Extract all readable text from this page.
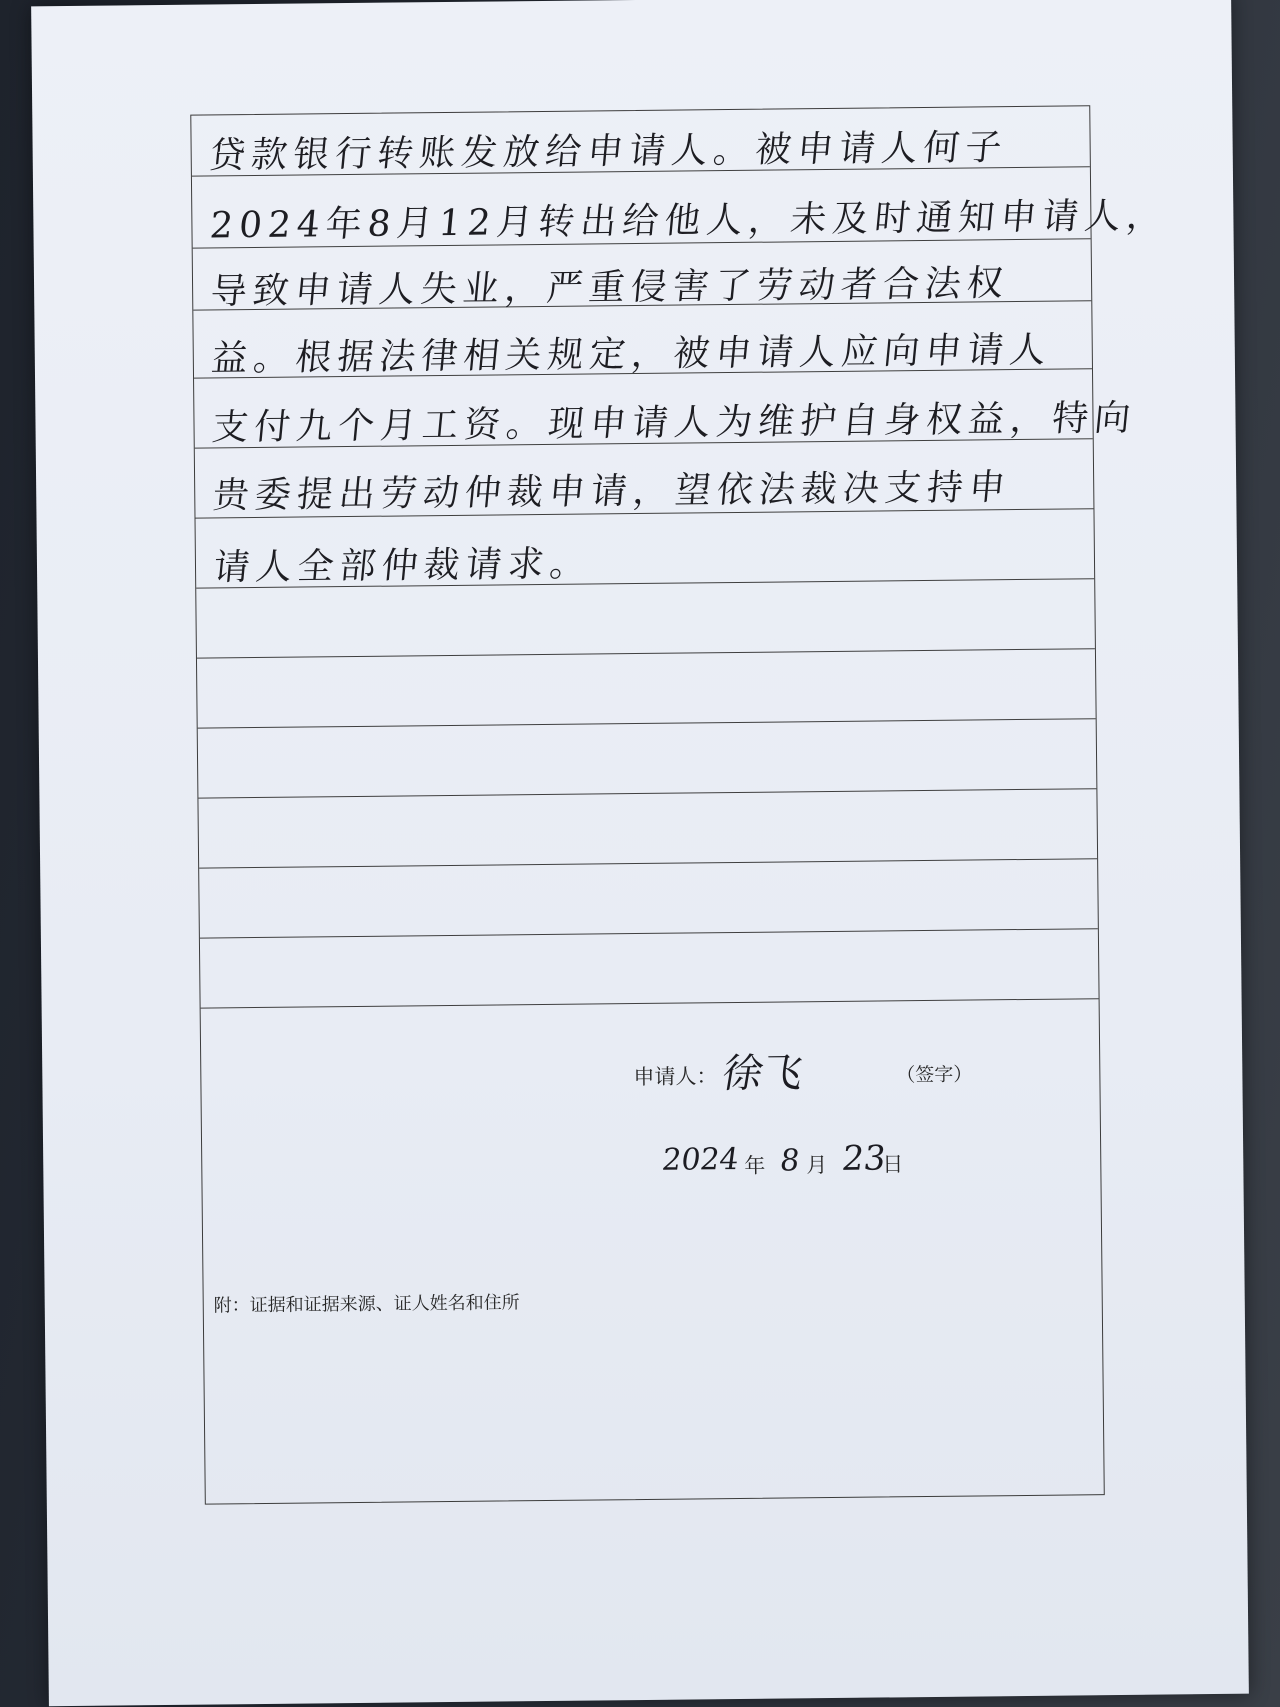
贷款银行转账发放给申请人。被申请人何子
2024年8月12月转出给他人，未及时通知申请人，
导致申请人失业，严重侵害了劳动者合法权
益。根据法律相关规定，被申请人应向申请人
支付九个月工资。现申请人为维护自身权益，特向
贵委提出劳动仲裁申请，望依法裁决支持申
请人全部仲裁请求。
申请人： 徐飞	（签字）
2024 年 8 月 23
日
附：证据和证据来源、证人姓名和住所
